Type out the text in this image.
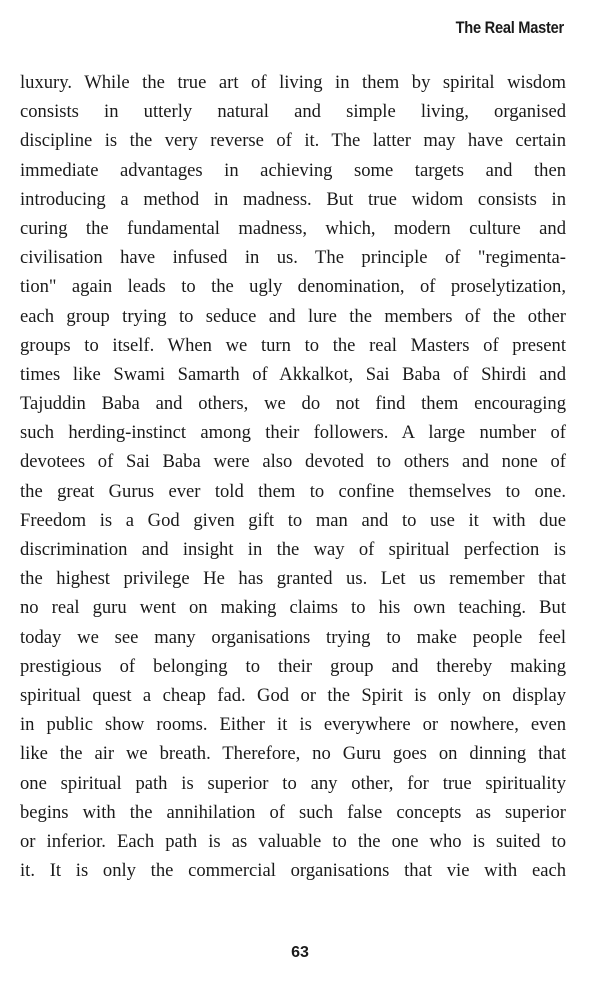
The Real Master
luxury. While the true art of living in them by spirital wisdom
consists in utterly natural and simple living, organised
discipline is the very reverse of it. The latter may have certain
immediate advantages in achieving some targets and then
introducing a method in madness. But true widom consists in
curing the fundamental madness, which, modern culture and
civilisation have infused in us. The principle of "regimenta-
tion" again leads to the ugly denomination, of proselytization,
each group trying to seduce and lure the members of the other
groups to itself. When we turn to the real Masters of present
times like Swami Samarth of Akkalkot, Sai Baba of Shirdi and
Tajuddin Baba and others, we do not find them encouraging
such herding-instinct among their followers. A large number of
devotees of Sai Baba were also devoted to others and none of
the great Gurus ever told them to confine themselves to one.
Freedom is a God given gift to man and to use it with due
discrimination and insight in the way of spiritual perfection is
the highest privilege He has granted us. Let us remember that
no real guru went on making claims to his own teaching. But
today we see many organisations trying to make people feel
prestigious of belonging to their group and thereby making
spiritual quest a cheap fad. God or the Spirit is only on display
in public show rooms. Either it is everywhere or nowhere, even
like the air we breath. Therefore, no Guru goes on dinning that
one spiritual path is superior to any other, for true spirituality
begins with the annihilation of such false concepts as superior
or inferior. Each path is as valuable to the one who is suited to
it. It is only the commercial organisations that vie with each
63
